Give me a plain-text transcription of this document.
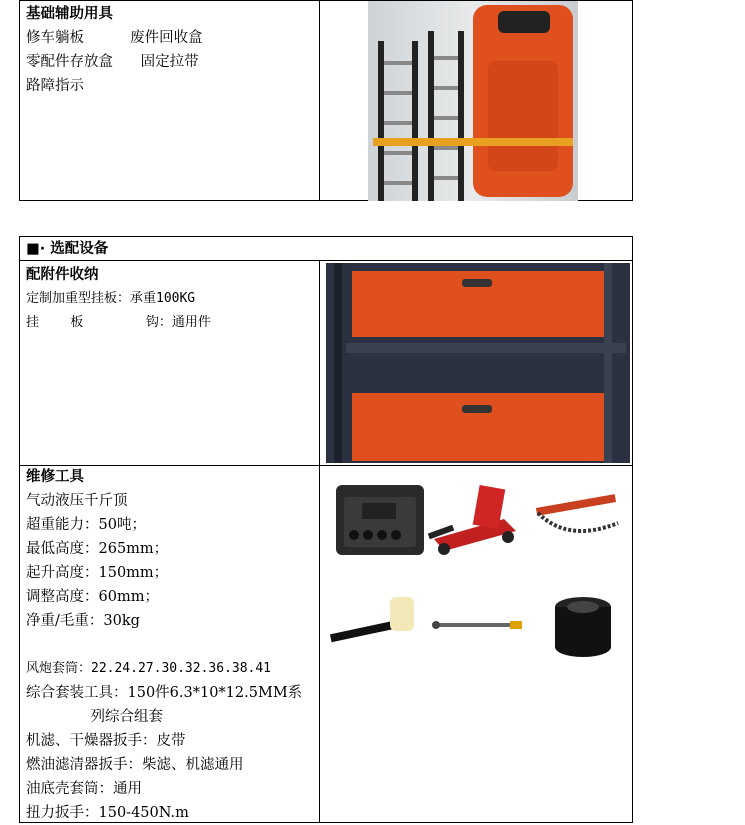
基础辅助用具
修车躺板          废件回收盒
零配件存放盒      固定拉带
路障指示
■· 选配设备
配附件收纳
定制加重型挂板：承重100KG
挂    板        钩：通用件
维修工具
气动液压千斤顶
超重能力：50吨；
最低高度：265mm；
起升高度：150mm；
调整高度：60mm；
净重/毛重：30kg
风炮套筒：22.24.27.30.32.36.38.41
综合套装工具：150件6.3*10*12.5MM系
列综合组套
机滤、干燥器扳手：皮带
燃油滤清器扳手：柴滤、机滤通用
油底壳套筒：通用
扭力扳手：150-450N.m
